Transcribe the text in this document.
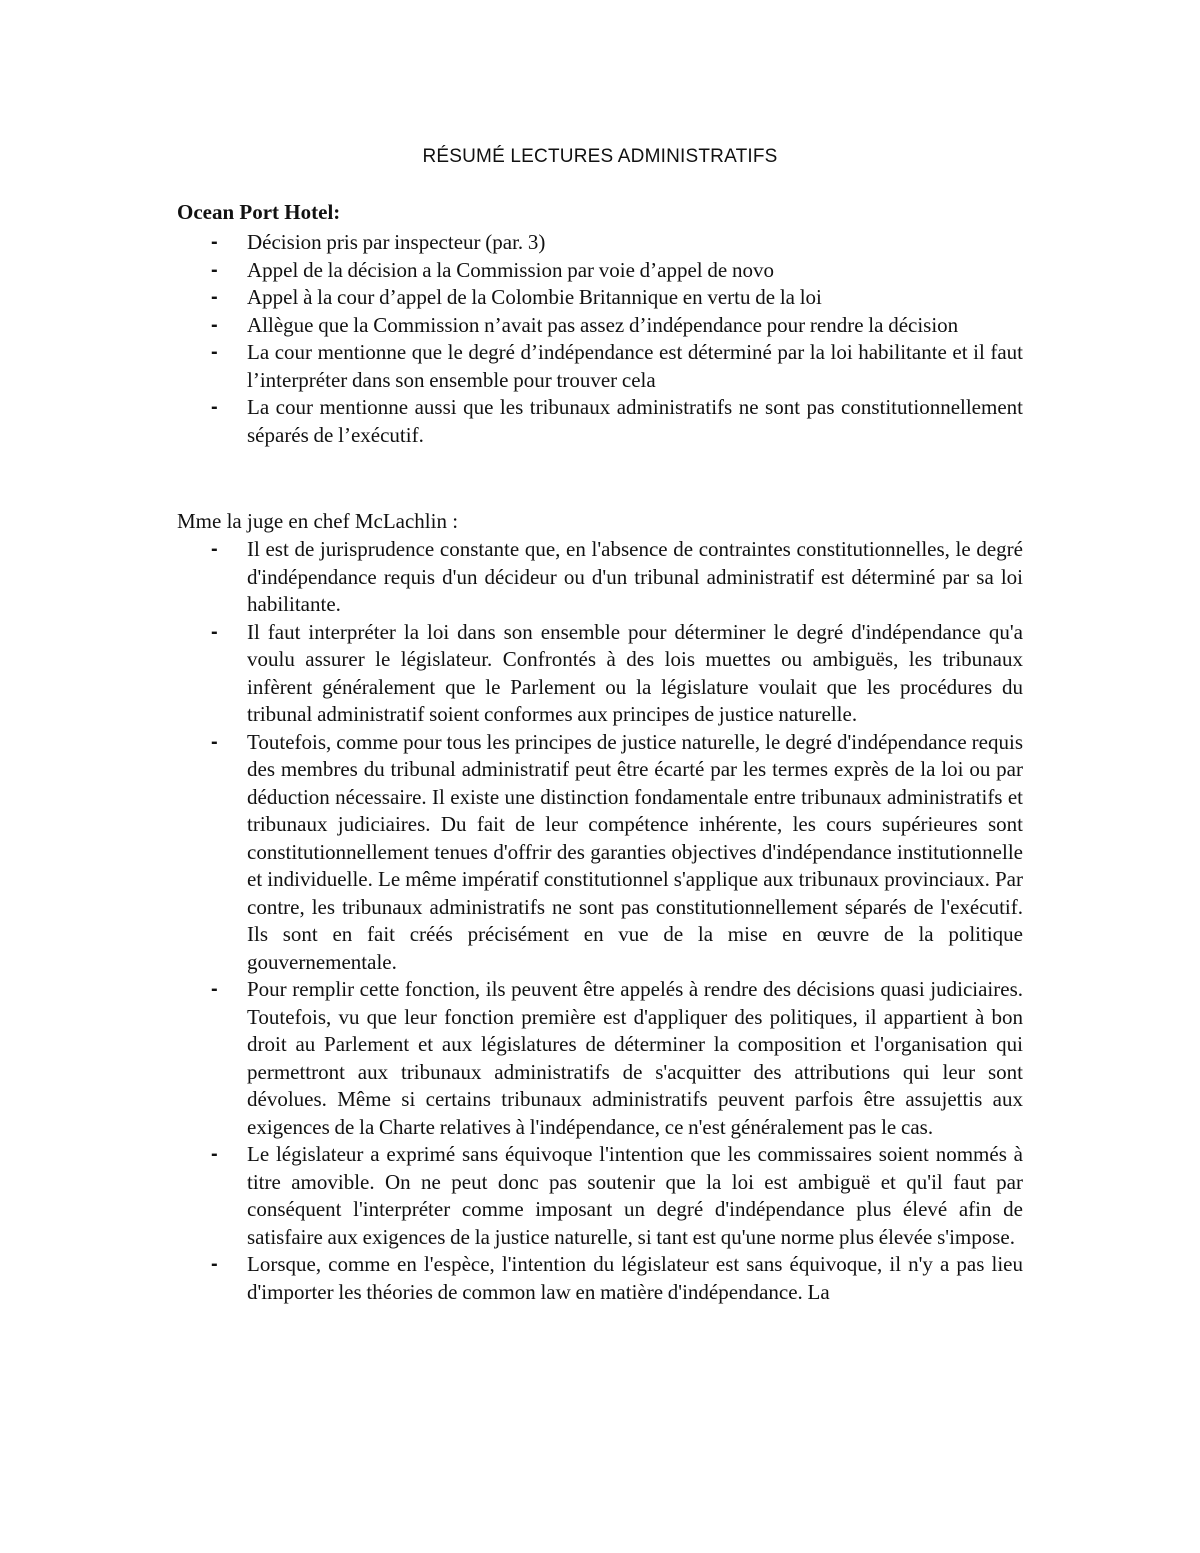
RÉSUMÉ LECTURES ADMINISTRATIFS
Ocean Port Hotel:
- Décision pris par inspecteur (par. 3)
- Appel de la décision a la Commission par voie d’appel de novo
- Appel à la cour d’appel de la Colombie Britannique en vertu de la loi
- Allègue que la Commission n’avait pas assez d’indépendance pour rendre la décision
- La cour mentionne que le degré d’indépendance est déterminé par la loi habilitante et il faut l’interpréter dans son ensemble pour trouver cela
- La cour mentionne aussi que les tribunaux administratifs ne sont pas constitutionnellement séparés de l’exécutif.
Mme la juge en chef McLachlin :
- Il est de jurisprudence constante que, en l'absence de contraintes constitutionnelles, le degré d'indépendance requis d'un décideur ou d'un tribunal administratif est déterminé par sa loi habilitante.
- Il faut interpréter la loi dans son ensemble pour déterminer le degré d'indépendance qu'a voulu assurer le législateur. Confrontés à des lois muettes ou ambiguës, les tribunaux infèrent généralement que le Parlement ou la législature voulait que les procédures du tribunal administratif soient conformes aux principes de justice naturelle.
- Toutefois, comme pour tous les principes de justice naturelle, le degré d'indépendance requis des membres du tribunal administratif peut être écarté par les termes exprès de la loi ou par déduction nécessaire. Il existe une distinction fondamentale entre tribunaux administratifs et tribunaux judiciaires. Du fait de leur compétence inhérente, les cours supérieures sont constitutionnellement tenues d'offrir des garanties objectives d'indépendance institutionnelle et individuelle. Le même impératif constitutionnel s'applique aux tribunaux provinciaux. Par contre, les tribunaux administratifs ne sont pas constitutionnellement séparés de l'exécutif. Ils sont en fait créés précisément en vue de la mise en œuvre de la politique gouvernementale.
- Pour remplir cette fonction, ils peuvent être appelés à rendre des décisions quasi judiciaires. Toutefois, vu que leur fonction première est d'appliquer des politiques, il appartient à bon droit au Parlement et aux législatures de déterminer la composition et l'organisation qui permettront aux tribunaux administratifs de s'acquitter des attributions qui leur sont dévolues. Même si certains tribunaux administratifs peuvent parfois être assujettis aux exigences de la Charte relatives à l'indépendance, ce n'est généralement pas le cas.
- Le législateur a exprimé sans équivoque l'intention que les commissaires soient nommés à titre amovible. On ne peut donc pas soutenir que la loi est ambiguë et qu'il faut par conséquent l'interpréter comme imposant un degré d'indépendance plus élevé afin de satisfaire aux exigences de la justice naturelle, si tant est qu'une norme plus élevée s'impose.
- Lorsque, comme en l'espèce, l'intention du législateur est sans équivoque, il n'y a pas lieu d'importer les théories de common law en matière d'indépendance. La
